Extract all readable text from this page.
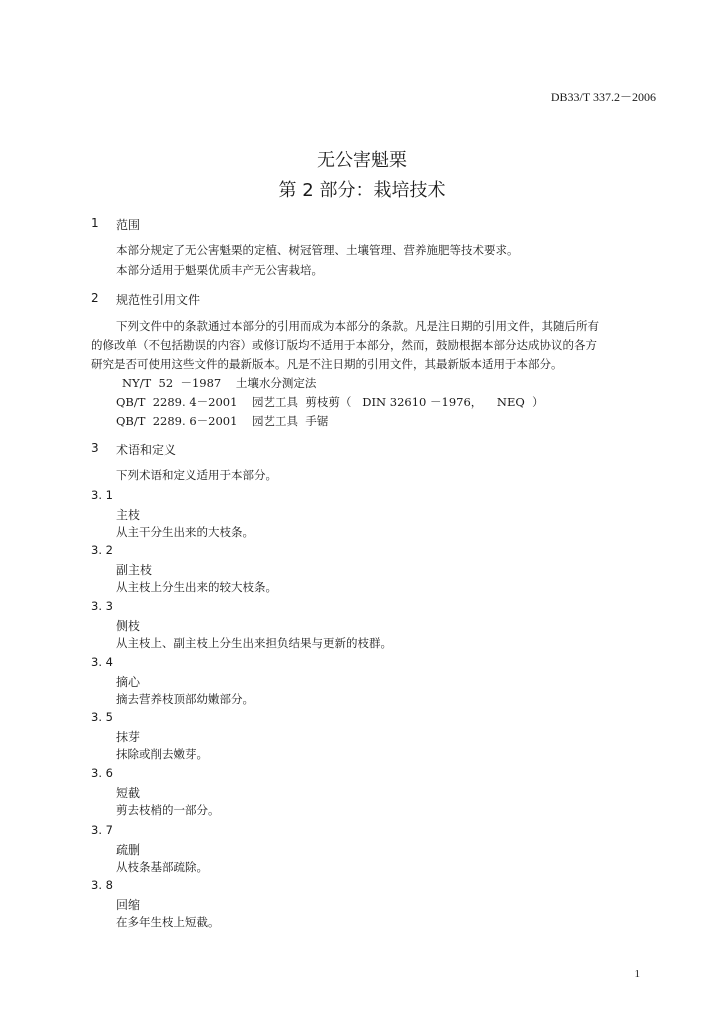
DB33/T 337.2－2006
无公害魁栗
第 2 部分：栽培技术
1 范围
本部分规定了无公害魁栗的定植、树冠管理、土壤管理、营养施肥等技术要求。
本部分适用于魁栗优质丰产无公害栽培。
2 规范性引用文件
下列文件中的条款通过本部分的引用而成为本部分的条款。凡是注日期的引用文件，其随后所有
的修改单（不包括勘误的内容）或修订版均不适用于本部分，然而，鼓励根据本部分达成协议的各方
研究是否可使用这些文件的最新版本。凡是不注日期的引用文件，其最新版本适用于本部分。
NY/T  52  －1987    土壤水分测定法
QB/T  2289. 4－2001    园艺工具  剪枝剪（   DIN 32610 －1976，    NEQ  ）
QB/T  2289. 6－2001    园艺工具  手锯
3 术语和定义
下列术语和定义适用于本部分。
3. 1
主枝
从主干分生出来的大枝条。
3. 2
副主枝
从主枝上分生出来的较大枝条。
3. 3
侧枝
从主枝上、副主枝上分生出来担负结果与更新的枝群。
3. 4
摘心
摘去营养枝顶部幼嫩部分。
3. 5
抹芽
抹除或削去嫩芽。
3. 6
短截
剪去枝梢的一部分。
3. 7
疏删
从枝条基部疏除。
3. 8
回缩
在多年生枝上短截。
1
